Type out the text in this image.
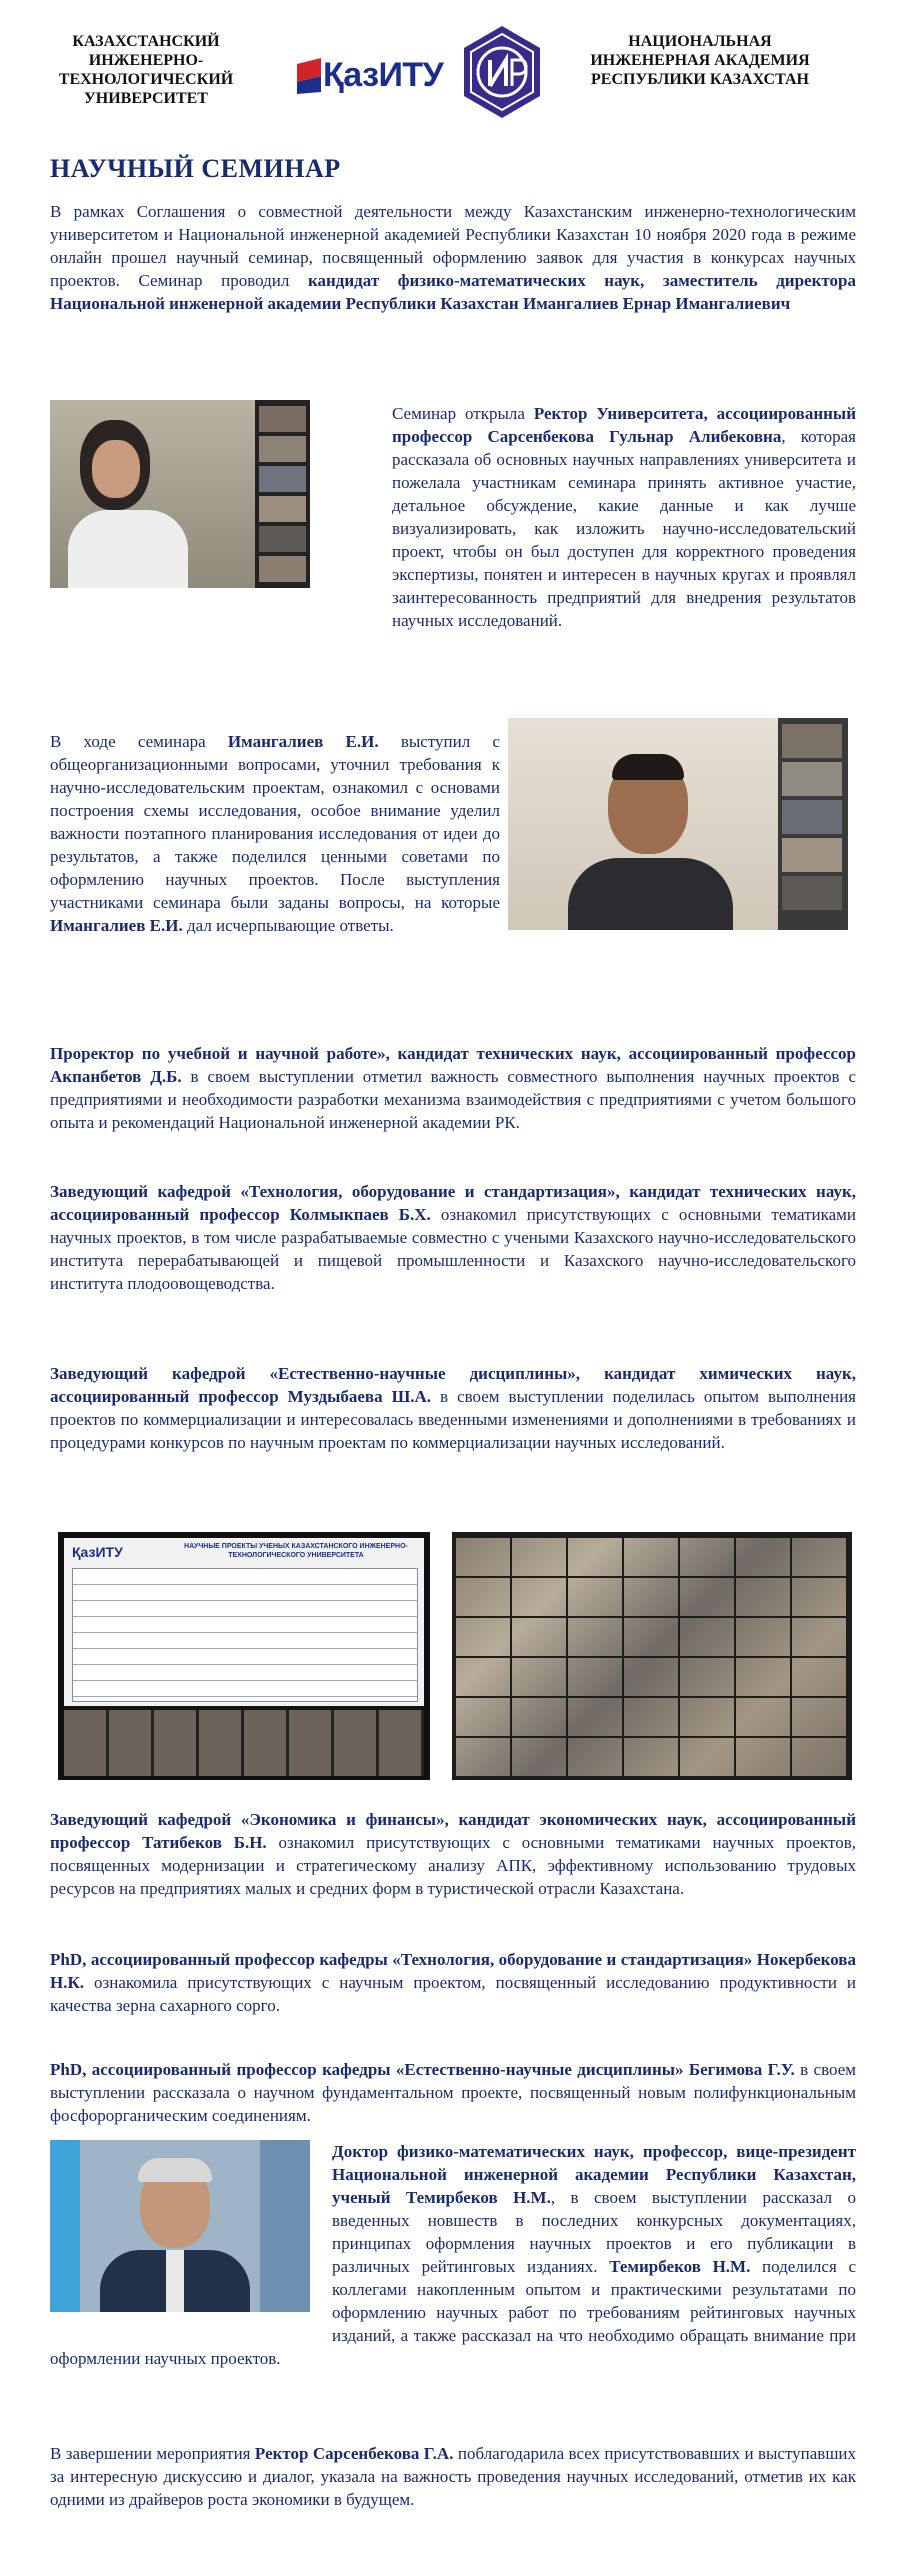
КАЗАХСТАНСКИЙ ИНЖЕНЕРНО-ТЕХНОЛОГИЧЕСКИЙ УНИВЕРСИТЕТ
ҚазИТУ
НАЦИОНАЛЬНАЯ ИНЖЕНЕРНАЯ АКАДЕМИЯ РЕСПУБЛИКИ КАЗАХСТАН
НАУЧНЫЙ СЕМИНАР
В рамках Соглашения о совместной деятельности между Казахстанским инженерно-технологическим университетом и Национальной инженерной академией Республики Казахстан 10 ноября 2020 года в режиме онлайн прошел научный семинар, посвященный оформлению заявок для участия в конкурсах научных проектов. Семинар проводил кандидат физико-математических наук, заместитель директора Национальной инженерной академии Республики Казахстан Имангалиев Ернар Имангалиевич
Семинар открыла Ректор Университета, ассоциированный профессор Сарсенбекова Гульнар Алибековна, которая рассказала об основных научных направлениях университета и пожелала участникам семинара принять активное участие, детальное обсуждение, какие данные и как лучше визуализировать, как изложить научно-исследовательский проект, чтобы он был доступен для корректного проведения экспертизы, понятен и интересен в научных кругах и проявлял заинтересованность предприятий для внедрения результатов научных исследований.
В ходе семинара Имангалиев Е.И. выступил с общеорганизационными вопросами, уточнил требования к научно-исследовательским проектам, ознакомил с основами построения схемы исследования, особое внимание уделил важности поэтапного планирования исследования от идеи до результатов, а также поделился ценными советами по оформлению научных проектов. После выступления участниками семинара были заданы вопросы, на которые Имангалиев Е.И. дал исчерпывающие ответы.
Проректор по учебной и научной работе», кандидат технических наук, ассоциированный профессор Акпанбетов Д.Б. в своем выступлении отметил важность совместного выполнения научных проектов с предприятиями и необходимости разработки механизма взаимодействия с предприятиями с учетом большого опыта и рекомендаций Национальной инженерной академии РК.
Заведующий кафедрой «Технология, оборудование и стандартизация», кандидат технических наук, ассоциированный профессор Колмыкпаев Б.Х. ознакомил присутствующих с основными тематиками научных проектов, в том числе разрабатываемые совместно с учеными Казахского научно-исследовательского института перерабатывающей и пищевой промышленности и Казахского научно-исследовательского института плодоовощеводства.
Заведующий кафедрой «Естественно-научные дисциплины», кандидат химических наук, ассоциированный профессор Муздыбаева Ш.А. в своем выступлении поделилась опытом выполнения проектов по коммерциализации и интересовалась введенными изменениями и дополнениями в требованиях и процедурами конкурсов по научным проектам по коммерциализации научных исследований.
ҚазИТУ	НАУЧНЫЕ ПРОЕКТЫ УЧЕНЫХ КАЗАХСТАНСКОГО ИНЖЕНЕРНО-ТЕХНОЛОГИЧЕСКОГО УНИВЕРСИТЕТА
Заведующий кафедрой «Экономика и финансы», кандидат экономических наук, ассоциированный профессор Татибеков Б.Н. ознакомил присутствующих с основными тематиками научных проектов, посвященных модернизации и стратегическому анализу АПК, эффективному использованию трудовых ресурсов на предприятиях малых и средних форм в туристической отрасли Казахстана.
PhD, ассоциированный профессор кафедры «Технология, оборудование и стандартизация» Нокербекова Н.К. ознакомила присутствующих с научным проектом, посвященный исследованию продуктивности и качества зерна сахарного сорго.
PhD, ассоциированный профессор кафедры «Естественно-научные дисциплины» Бегимова Г.У. в своем выступлении рассказала о научном фундаментальном проекте, посвященный новым полифункциональным фосфорорганическим соединениям.
Доктор физико-математических наук, профессор, вице-президент Национальной инженерной академии Республики Казахстан, ученый Темирбеков Н.М., в своем выступлении рассказал о введенных новшеств в последних конкурсных документациях, принципах оформления научных проектов и его публикации в различных рейтинговых изданиях. Темирбеков Н.М. поделился с коллегами накопленным опытом и практическими результатами по оформлению научных работ по требованиям рейтинговых научных изданий, а также рассказал на что необходимо обращать внимание при оформлении научных проектов.
В завершении мероприятия Ректор Сарсенбекова Г.А. поблагодарила всех присутствовавших и выступавших за интересную дискуссию и диалог, указала на важность проведения научных исследований, отметив их как одними из драйверов роста экономики в будущем.
